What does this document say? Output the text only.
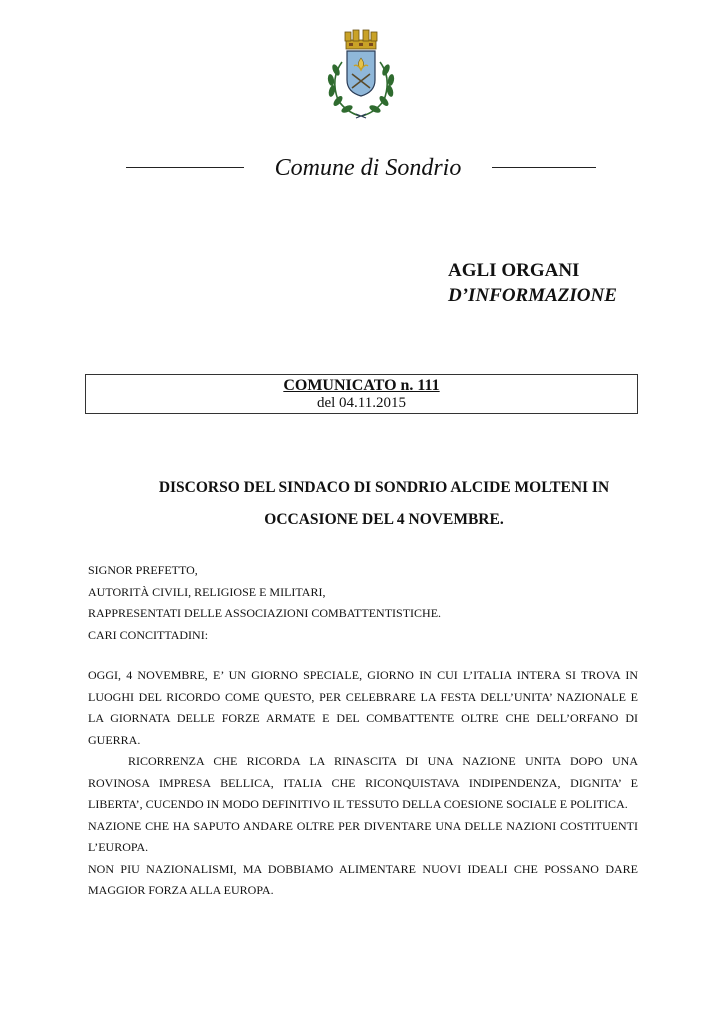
Comune di Sondrio
AGLI ORGANI
D’INFORMAZIONE
COMUNICATO n. 111
del 04.11.2015
DISCORSO DEL SINDACO DI SONDRIO ALCIDE MOLTENI IN
OCCASIONE DEL 4 NOVEMBRE.
SIGNOR PREFETTO,
AUTORITÀ CIVILI, RELIGIOSE E MILITARI,
RAPPRESENTATI DELLE ASSOCIAZIONI COMBATTENTISTICHE.
CARI CONCITTADINI:

OGGI, 4 NOVEMBRE, E’ UN GIORNO SPECIALE, GIORNO IN CUI L’ITALIA INTERA SI TROVA IN LUOGHI DEL RICORDO COME QUESTO, PER CELEBRARE LA FESTA DELL’UNITA’ NAZIONALE E LA GIORNATA DELLE FORZE ARMATE E DEL COMBATTENTE OLTRE CHE DELL’ORFANO DI GUERRA.

RICORRENZA CHE RICORDA LA RINASCITA DI UNA NAZIONE UNITA DOPO UNA ROVINOSA IMPRESA BELLICA, ITALIA CHE RICONQUISTAVA INDIPENDENZA, DIGNITA’ E LIBERTA’, CUCENDO IN MODO DEFINITIVO IL TESSUTO DELLA COESIONE SOCIALE E POLITICA.

NAZIONE CHE HA SAPUTO ANDARE OLTRE PER DIVENTARE UNA DELLE NAZIONI COSTITUENTI L’EUROPA.

NON PIU NAZIONALISMI, MA DOBBIAMO ALIMENTARE NUOVI IDEALI CHE POSSANO DARE MAGGIOR FORZA ALLA EUROPA.
